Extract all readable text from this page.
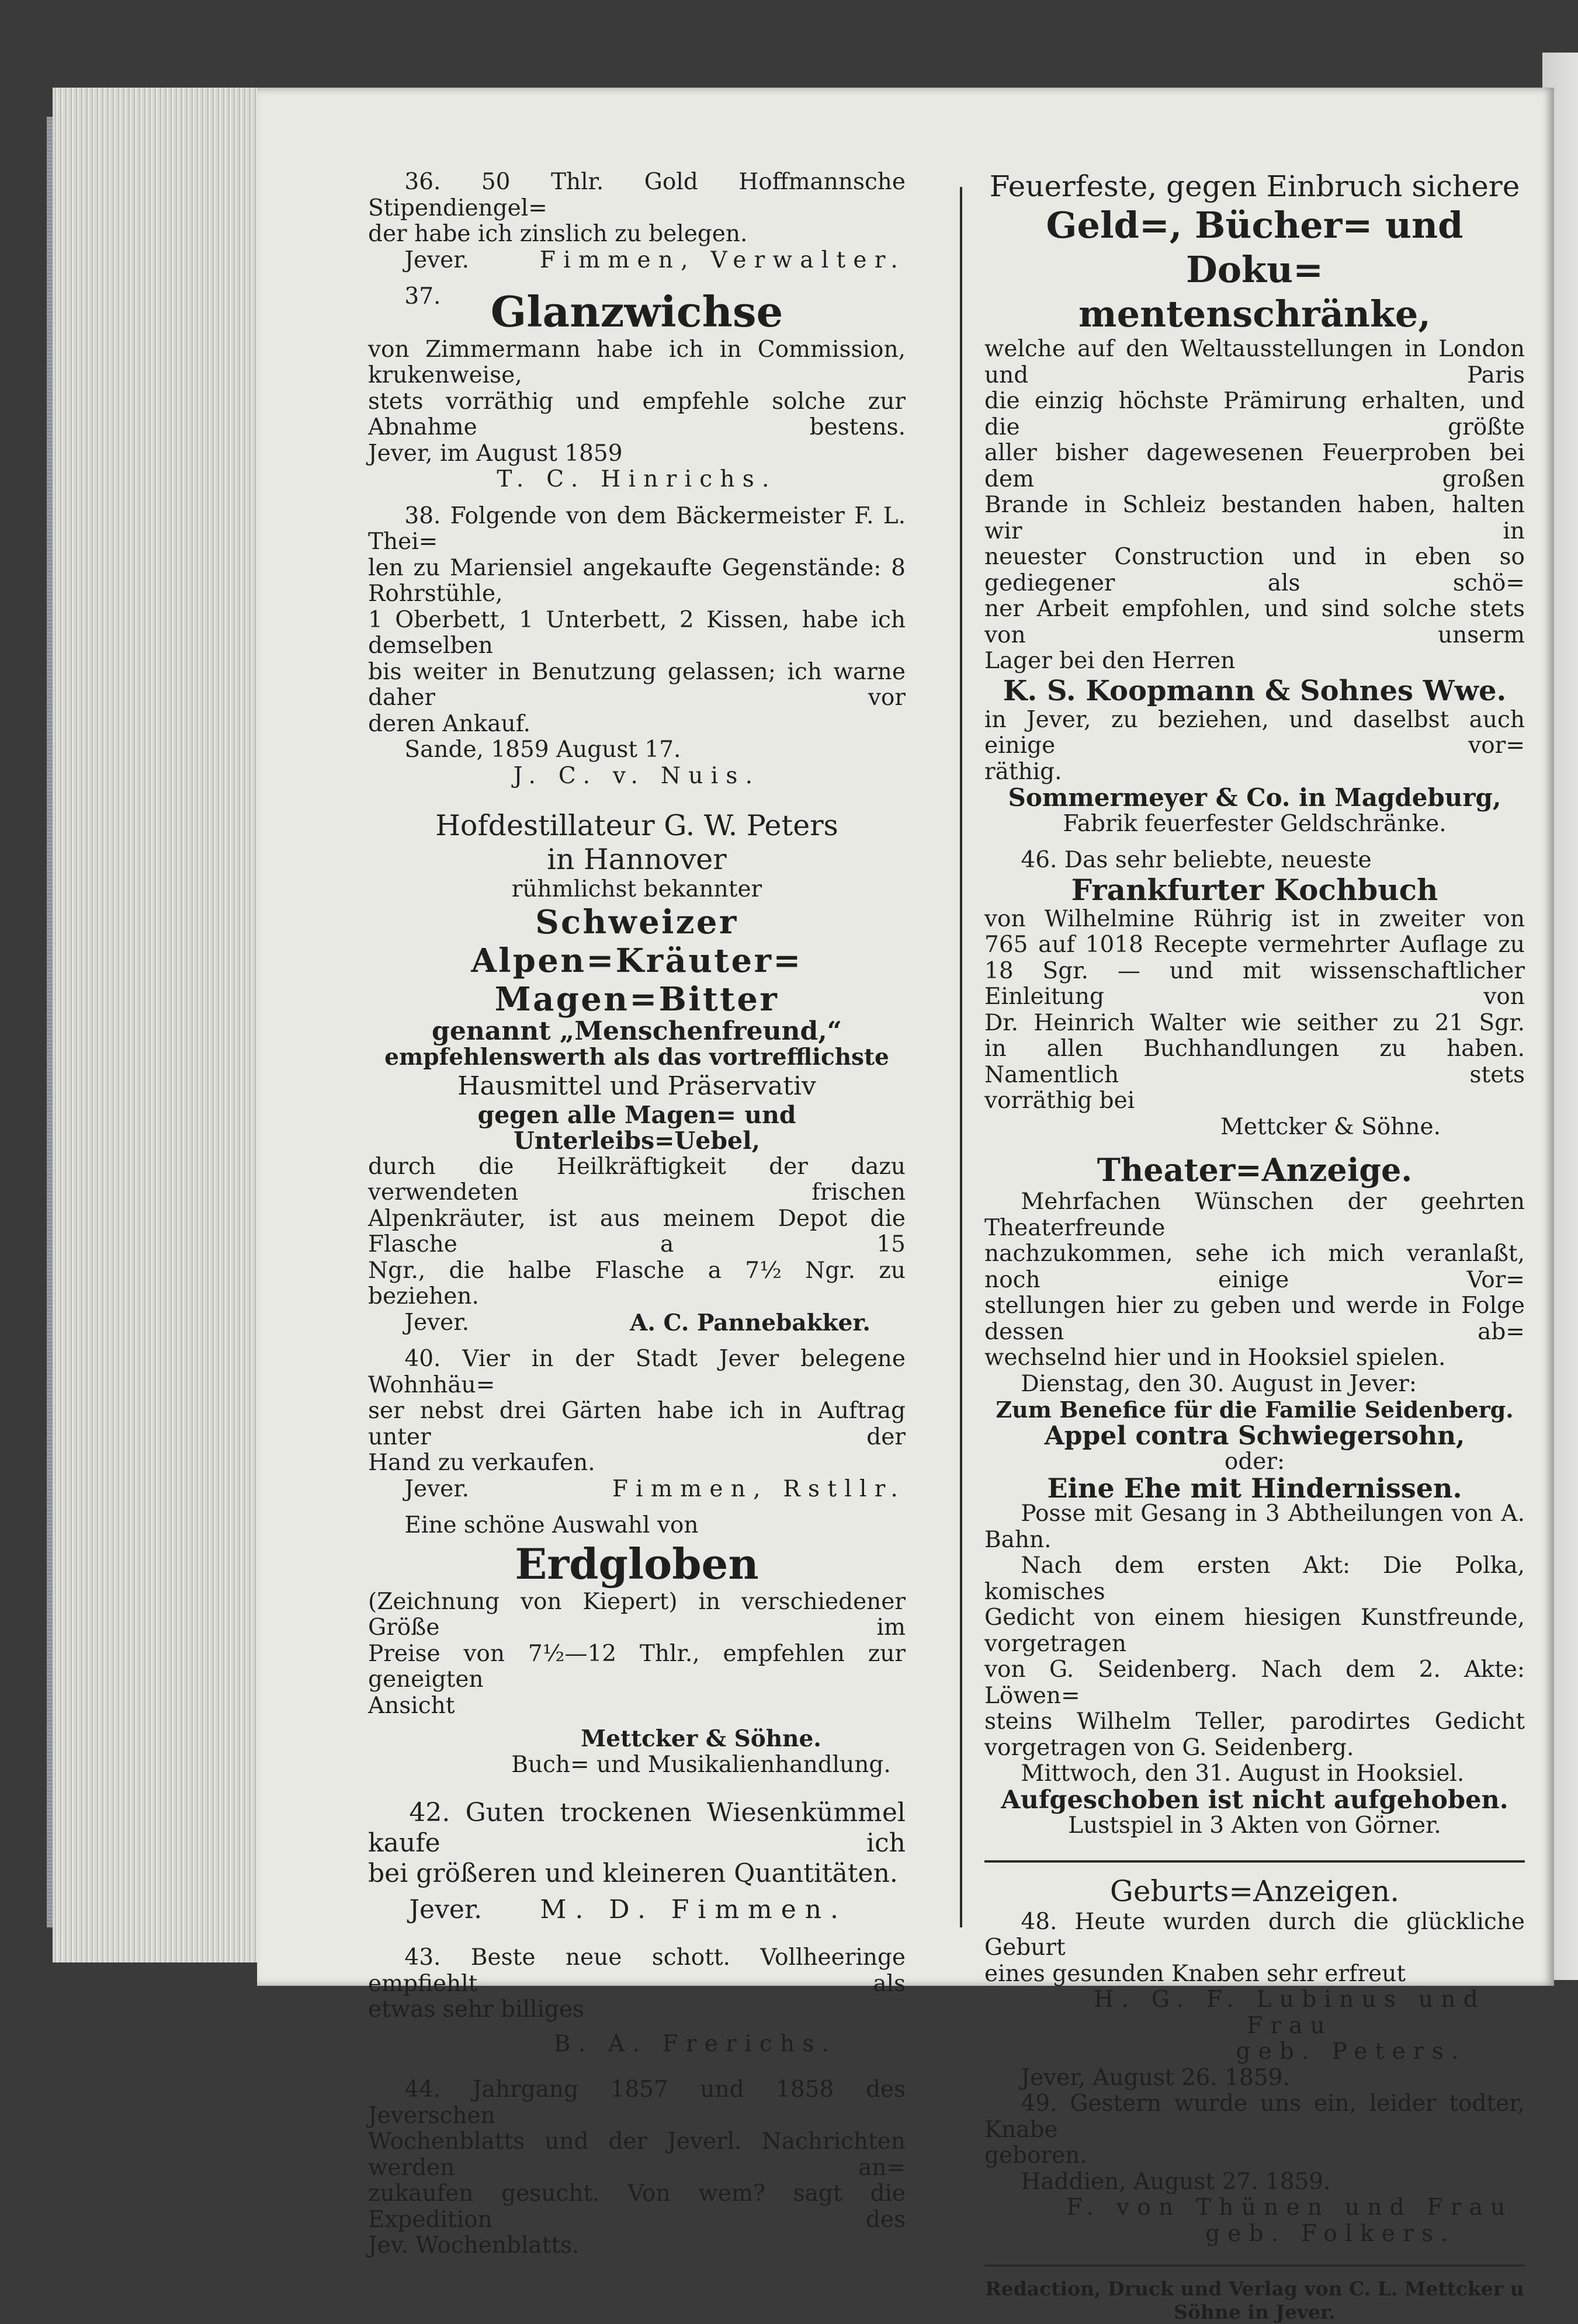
36. 50 Thlr. Gold Hoffmannsche Stipendiengel=

der habe ich zinslich zu belegen.

Jever.	Fimmen, Verwalter.

37.	Glanzwichse

von Zimmermann habe ich in Commission, krukenweise,

stets vorräthig und empfehle solche zur Abnahme bestens.

Jever, im August 1859

T. C. Hinrichs.

38. Folgende von dem Bäckermeister F. L. Thei=

len zu Mariensiel angekaufte Gegenstände: 8 Rohrstühle,

1 Oberbett, 1 Unterbett, 2 Kissen, habe ich demselben

bis weiter in Benutzung gelassen; ich warne daher vor

deren Ankauf.

Sande, 1859 August 17.

J. C. v. Nuis.

Hofdestillateur G. W. Peters

in Hannover

rühmlichst bekannter

Schweizer Alpen=Kräuter=

Magen=Bitter

genannt „Menschenfreund,“

empfehlenswerth als das vortrefflichste

Hausmittel und Präservativ

gegen alle Magen= und Unterleibs=Uebel,

durch die Heilkräftigkeit der dazu verwendeten frischen

Alpenkräuter, ist aus meinem Depot die Flasche a 15

Ngr., die halbe Flasche a 7½ Ngr. zu beziehen.

Jever.	A. C. Pannebakker.

40. Vier in der Stadt Jever belegene Wohnhäu=

ser nebst drei Gärten habe ich in Auftrag unter der

Hand zu verkaufen.

Jever.	Fimmen, Rstllr.

Eine schöne Auswahl von

Erdgloben

(Zeichnung von Kiepert) in verschiedener Größe im

Preise von 7½—12 Thlr., empfehlen zur geneigten

Ansicht

Mettcker & Söhne.

Buch= und Musikalienhandlung.

42. Guten trockenen Wiesenkümmel kaufe ich

bei größeren und kleineren Quantitäten.

Jever. M. D. Fimmen.

43. Beste neue schott. Vollheeringe empfiehlt als

etwas sehr billiges

B. A. Frerichs.

44. Jahrgang 1857 und 1858 des Jeverschen

Wochenblatts und der Jeverl. Nachrichten werden an=

zukaufen gesucht. Von wem? sagt die Expedition des

Jev. Wochenblatts.

Feuerfeste, gegen Einbruch sichere

Geld=, Bücher= und Doku=

mentenschränke,

welche auf den Weltausstellungen in London und Paris

die einzig höchste Prämirung erhalten, und die größte

aller bisher dagewesenen Feuerproben bei dem großen

Brande in Schleiz bestanden haben, halten wir in

neuester Construction und in eben so gediegener als schö=

ner Arbeit empfohlen, und sind solche stets von unserm

Lager bei den Herren

K. S. Koopmann & Sohnes Wwe.

in Jever, zu beziehen, und daselbst auch einige vor=

räthig.

Sommermeyer & Co. in Magdeburg,

Fabrik feuerfester Geldschränke.

46. Das sehr beliebte, neueste

Frankfurter Kochbuch

von Wilhelmine Rührig ist in zweiter von

765 auf 1018 Recepte vermehrter Auflage zu

18 Sgr. — und mit wissenschaftlicher Einleitung von

Dr. Heinrich Walter wie seither zu 21 Sgr.

in allen Buchhandlungen zu haben. Namentlich stets

vorräthig bei

Mettcker & Söhne.

Theater=Anzeige.

Mehrfachen Wünschen der geehrten Theaterfreunde

nachzukommen, sehe ich mich veranlaßt, noch einige Vor=

stellungen hier zu geben und werde in Folge dessen ab=

wechselnd hier und in Hooksiel spielen.

Dienstag, den 30. August in Jever:

Zum Benefice für die Familie Seidenberg.

Appel contra Schwiegersohn,

oder:

Eine Ehe mit Hindernissen.

Posse mit Gesang in 3 Abtheilungen von A. Bahn.

Nach dem ersten Akt: Die Polka, komisches

Gedicht von einem hiesigen Kunstfreunde, vorgetragen

von G. Seidenberg. Nach dem 2. Akte: Löwen=

steins Wilhelm Teller, parodirtes Gedicht

vorgetragen von G. Seidenberg.

Mittwoch, den 31. August in Hooksiel.

Aufgeschoben ist nicht aufgehoben.

Lustspiel in 3 Akten von Görner.

Geburts=Anzeigen.

48. Heute wurden durch die glückliche Geburt

eines gesunden Knaben sehr erfreut

H. G. F. Lubinus und Frau

geb. Peters.

Jever, August 26. 1859.

49. Gestern wurde uns ein, leider todter, Knabe

geboren.

Haddien, August 27. 1859.

F. von Thünen und Frau

geb. Folkers.

Redaction, Druck und Verlag von C. L. Mettcker u Söhne in Jever.
